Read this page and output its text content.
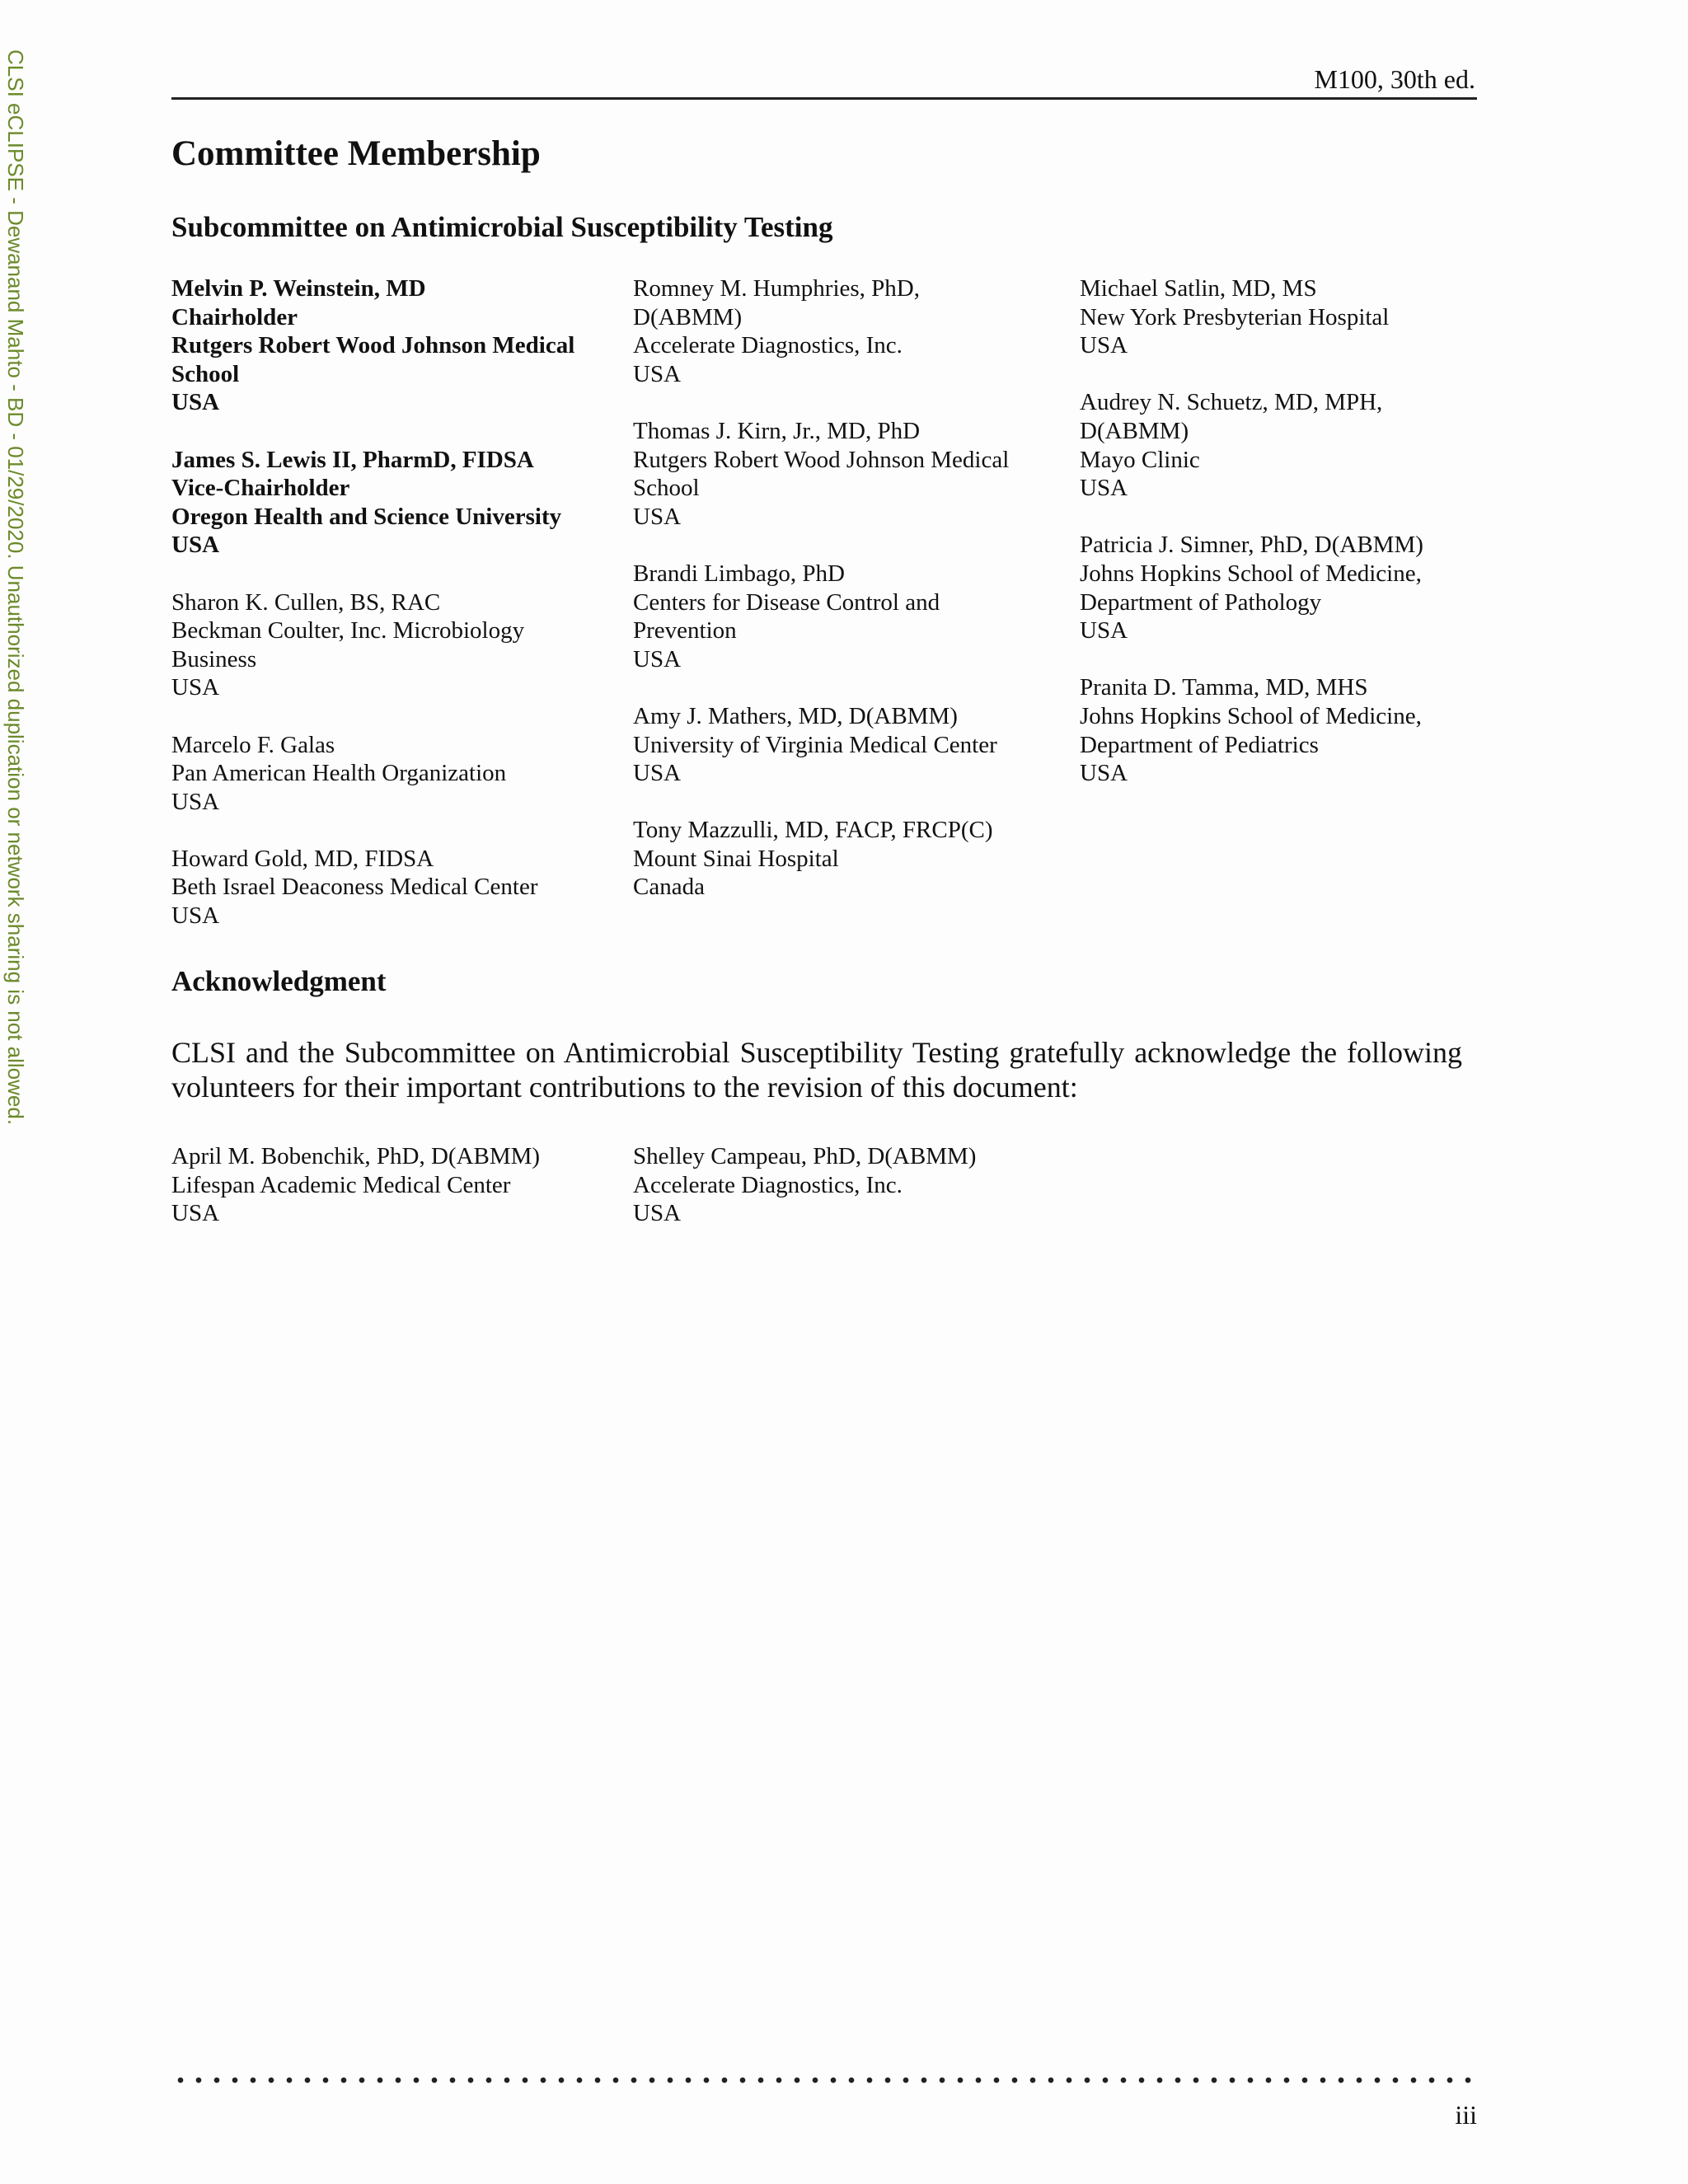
CLSI eCLIPSE - Dewanand Mahto - BD - 01/29/2020. Unauthorized duplication or network sharing is not allowed.	M100, 30th ed.
Committee Membership
Subcommittee on Antimicrobial Susceptibility Testing
Melvin P. Weinstein, MD
Chairholder
Rutgers Robert Wood Johnson Medical
School
USA
James S. Lewis II, PharmD, FIDSA
Vice-Chairholder
Oregon Health and Science University
USA
Sharon K. Cullen, BS, RAC
Beckman Coulter, Inc. Microbiology
Business
USA
Marcelo F. Galas
Pan American Health Organization
USA
Howard Gold, MD, FIDSA
Beth Israel Deaconess Medical Center
USA
Romney M. Humphries, PhD,
D(ABMM)
Accelerate Diagnostics, Inc.
USA
Thomas J. Kirn, Jr., MD, PhD
Rutgers Robert Wood Johnson Medical
School
USA
Brandi Limbago, PhD
Centers for Disease Control and
Prevention
USA
Amy J. Mathers, MD, D(ABMM)
University of Virginia Medical Center
USA
Tony Mazzulli, MD, FACP, FRCP(C)
Mount Sinai Hospital
Canada
Michael Satlin, MD, MS
New York Presbyterian Hospital
USA
Audrey N. Schuetz, MD, MPH,
D(ABMM)
Mayo Clinic
USA
Patricia J. Simner, PhD, D(ABMM)
Johns Hopkins School of Medicine,
Department of Pathology
USA
Pranita D. Tamma, MD, MHS
Johns Hopkins School of Medicine,
Department of Pediatrics
USA
Acknowledgment

CLSI and the Subcommittee on Antimicrobial Susceptibility Testing gratefully acknowledge the following volunteers for their important contributions to the revision of this document:

April M. Bobenchik, PhD, D(ABMM)
Lifespan Academic Medical Center
USA
Shelley Campeau, PhD, D(ABMM)
Accelerate Diagnostics, Inc.
USA
iii
